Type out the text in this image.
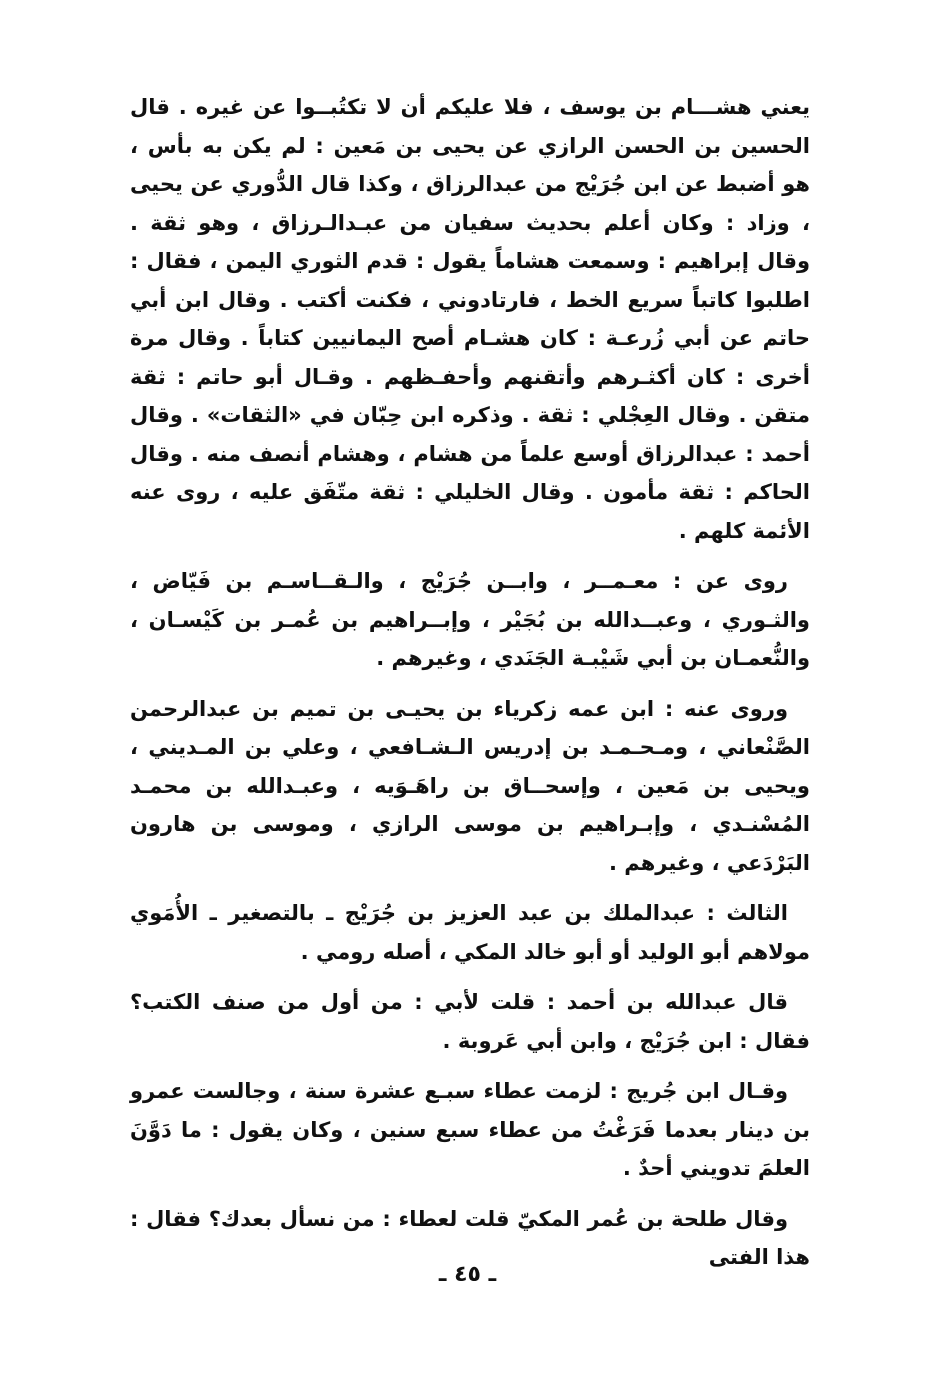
يعني هشـــام بن يوسف ، فلا عليكم أن لا تكتُبــوا عن غيره . قال الحسين بن الحسن الرازي عن يحيى بن مَعين : لم يكن به بأس ، هو أضبط عن ابن جُرَيْج من عبدالرزاق ، وكذا قال الدُّوري عن يحيى ، وزاد : وكان أعلم بحديث سفيان من عبـدالـرزاق ، وهو ثقة . وقال إبراهيم : وسمعت هشاماً يقول : قدم الثوري اليمن ، فقال : اطلبوا كاتباً سريع الخط ، فارتادوني ، فكنت أكتب . وقال ابن أبي حاتم عن أبي زُرعـة : كان هشـام أصح اليمانيين كتاباً . وقال مرة أخرى : كان أكثـرهم وأتقنهم وأحفـظهم . وقـال أبو حاتم : ثقة متقن . وقال العِجْلي : ثقة . وذكره ابن حِبّان في «الثقات» . وقال أحمد : عبدالرزاق أوسع علماً من هشام ، وهشام أنصف منه . وقال الحاكم : ثقة مأمون . وقال الخليلي : ثقة متّفَق عليه ، روى عنه الأئمة كلهم .

روى عن : معـمــر ، وابــن جُرَيْج ، والـقــاسـم بن فَيّاض ، والثـوري ، وعبــدالله بن بُجَيْر ، وإبــراهيم بن عُمـر بن كَيْسـان ، والنُّعمـان بن أبي شَيْبـة الجَنَدي ، وغيرهم .

وروى عنه : ابن عمه زكرياء بن يحيـى بن تميم بن عبدالرحمن الصَّنْعاني ، ومـحـمـد بن إدريس الـشـافعي ، وعلي بن المـديني ، ويحيى بن مَعين ، وإسحــاق بن راهَـوَيه ، وعبـدالله بن محمـد المُسْنـدي ، وإبـراهيم بن موسى الرازي ، وموسى بن هارون البَرْدَعي ، وغيرهم .

الثالث : عبدالملك بن عبد العزيز بن جُرَيْج ـ بالتصغير ـ الأُمَوي مولاهم أبو الوليد أو أبو خالد المكي ، أصله رومي .

قال عبدالله بن أحمد : قلت لأبي : من أول من صنف الكتب؟ فقال : ابن جُرَيْج ، وابن أبي عَروبة .

وقـال ابن جُريج : لزمت عطاء سبـع عشرة سنة ، وجالست عمرو بن دينار بعدما فَرَغْتُ من عطاء سبع سنين ، وكان يقول : ما دَوَّنَ العلمَ تدويني أحدٌ .

وقال طلحة بن عُمر المكيّ قلت لعطاء : من نسأل بعدك؟ فقال : هذا الفتى

ـ ٤٥ ـ
